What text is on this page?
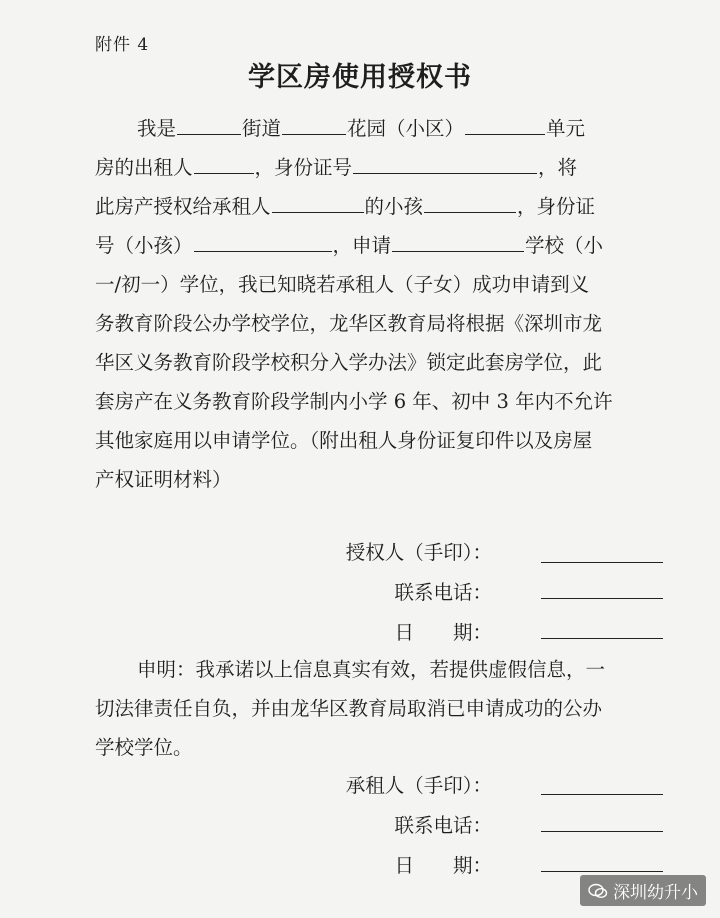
附件 4
学区房使用授权书
我是	街道	花园（小区）	单元
房的出租人	，身份证号	，将
此房产授权给承租人	的小孩	，身份证
号（小孩）	，申请	学校（小
一/初一）学位，我已知晓若承租人（子女）成功申请到义
务教育阶段公办学校学位，龙华区教育局将根据《深圳市龙
华区义务教育阶段学校积分入学办法》锁定此套房学位，此
套房产在义务教育阶段学制内小学 6 年、初中 3 年内不允许
其他家庭用以申请学位。（附出租人身份证复印件以及房屋
产权证明材料）
授权人（手印）：
联系电话：
日　　期：
申明：我承诺以上信息真实有效，若提供虚假信息，一
切法律责任自负，并由龙华区教育局取消已申请成功的公办
学校学位。
承租人（手印）：
联系电话：
日　　期：
深圳幼升小
